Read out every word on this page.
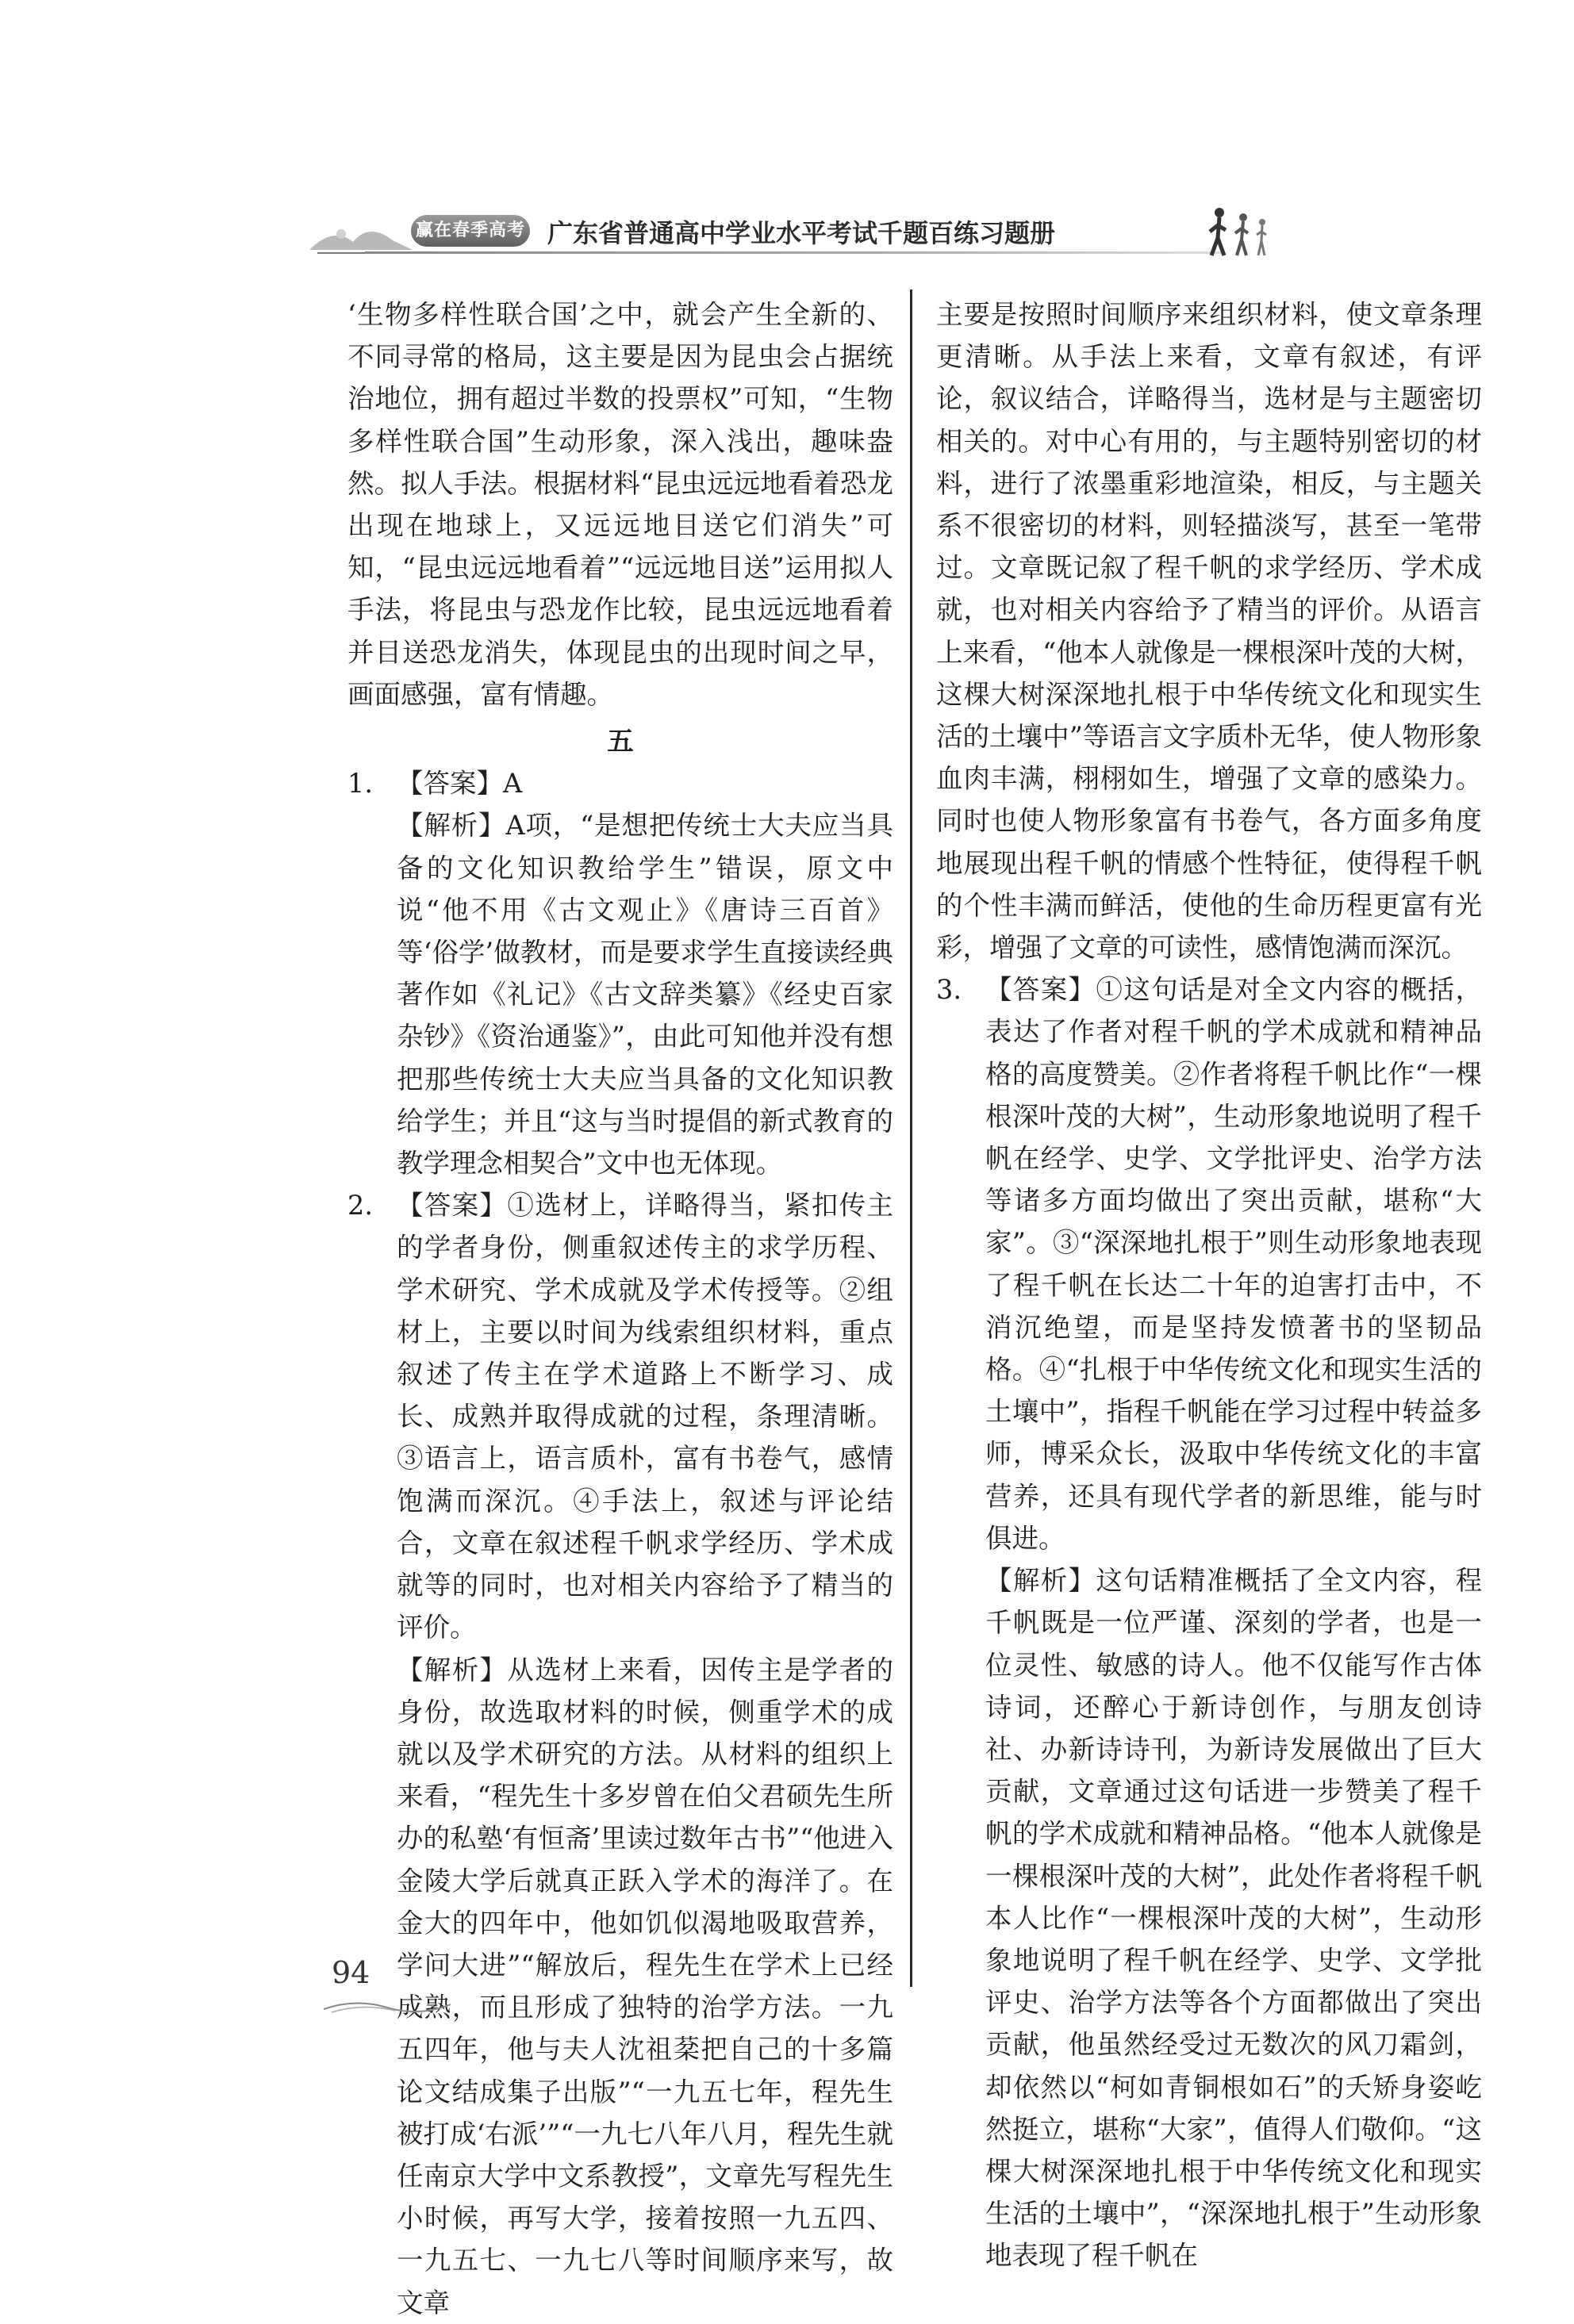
赢在春季高考 广东省普通高中学业水平考试千题百练习题册

‘生物多样性联合国’之中，就会产生全新的、不同寻常的格局，这主要是因为昆虫会占据统治地位，拥有超过半数的投票权”可知，“生物多样性联合国”生动形象，深入浅出，趣味盎然。拟人手法。根据材料“昆虫远远地看着恐龙出现在地球上，又远远地目送它们消失”可知，“昆虫远远地看着”“远远地目送”运用拟人手法，将昆虫与恐龙作比较，昆虫远远地看着并目送恐龙消失，体现昆虫的出现时间之早，画面感强，富有情趣。

五

1. 【答案】A

【解析】A项，“是想把传统士大夫应当具备的文化知识教给学生”错误，原文中说“他不用《古文观止》《唐诗三百首》等‘俗学’做教材，而是要求学生直接读经典著作如《礼记》《古文辞类纂》《经史百家杂钞》《资治通鉴》”，由此可知他并没有想把那些传统士大夫应当具备的文化知识教给学生；并且“这与当时提倡的新式教育的教学理念相契合”文中也无体现。

2. 【答案】①选材上，详略得当，紧扣传主的学者身份，侧重叙述传主的求学历程、学术研究、学术成就及学术传授等。②组材上，主要以时间为线索组织材料，重点叙述了传主在学术道路上不断学习、成长、成熟并取得成就的过程，条理清晰。③语言上，语言质朴，富有书卷气，感情饱满而深沉。④手法上，叙述与评论结合，文章在叙述程千帆求学经历、学术成就等的同时，也对相关内容给予了精当的评价。

【解析】从选材上来看，因传主是学者的身份，故选取材料的时候，侧重学术的成就以及学术研究的方法。从材料的组织上来看，“程先生十多岁曾在伯父君硕先生所办的私塾‘有恒斋’里读过数年古书”“他进入金陵大学后就真正跃入学术的海洋了。在金大的四年中，他如饥似渴地吸取营养，学问大进”“解放后，程先生在学术上已经成熟，而且形成了独特的治学方法。一九五四年，他与夫人沈祖棻把自己的十多篇论文结成集子出版”“一九五七年，程先生被打成‘右派’”“一九七八年八月，程先生就任南京大学中文系教授”，文章先写程先生小时候，再写大学，接着按照一九五四、一九五七、一九七八等时间顺序来写，故文章

主要是按照时间顺序来组织材料，使文章条理更清晰。从手法上来看，文章有叙述，有评论，叙议结合，详略得当，选材是与主题密切相关的。对中心有用的，与主题特别密切的材料，进行了浓墨重彩地渲染，相反，与主题关系不很密切的材料，则轻描淡写，甚至一笔带过。文章既记叙了程千帆的求学经历、学术成就，也对相关内容给予了精当的评价。从语言上来看，“他本人就像是一棵根深叶茂的大树，这棵大树深深地扎根于中华传统文化和现实生活的土壤中”等语言文字质朴无华，使人物形象血肉丰满，栩栩如生，增强了文章的感染力。同时也使人物形象富有书卷气，各方面多角度地展现出程千帆的情感个性特征，使得程千帆的个性丰满而鲜活，使他的生命历程更富有光彩，增强了文章的可读性，感情饱满而深沉。

3. 【答案】①这句话是对全文内容的概括，表达了作者对程千帆的学术成就和精神品格的高度赞美。②作者将程千帆比作“一棵根深叶茂的大树”，生动形象地说明了程千帆在经学、史学、文学批评史、治学方法等诸多方面均做出了突出贡献，堪称“大家”。③“深深地扎根于”则生动形象地表现了程千帆在长达二十年的迫害打击中，不消沉绝望，而是坚持发愤著书的坚韧品格。④“扎根于中华传统文化和现实生活的土壤中”，指程千帆能在学习过程中转益多师，博采众长，汲取中华传统文化的丰富营养，还具有现代学者的新思维，能与时俱进。

【解析】这句话精准概括了全文内容，程千帆既是一位严谨、深刻的学者，也是一位灵性、敏感的诗人。他不仅能写作古体诗词，还醉心于新诗创作，与朋友创诗社、办新诗诗刊，为新诗发展做出了巨大贡献，文章通过这句话进一步赞美了程千帆的学术成就和精神品格。“他本人就像是一棵根深叶茂的大树”，此处作者将程千帆本人比作“一棵根深叶茂的大树”，生动形象地说明了程千帆在经学、史学、文学批评史、治学方法等各个方面都做出了突出贡献，他虽然经受过无数次的风刀霜剑，却依然以“柯如青铜根如石”的夭矫身姿屹然挺立，堪称“大家”，值得人们敬仰。“这棵大树深深地扎根于中华传统文化和现实生活的土壤中”，“深深地扎根于”生动形象地表现了程千帆在

94
